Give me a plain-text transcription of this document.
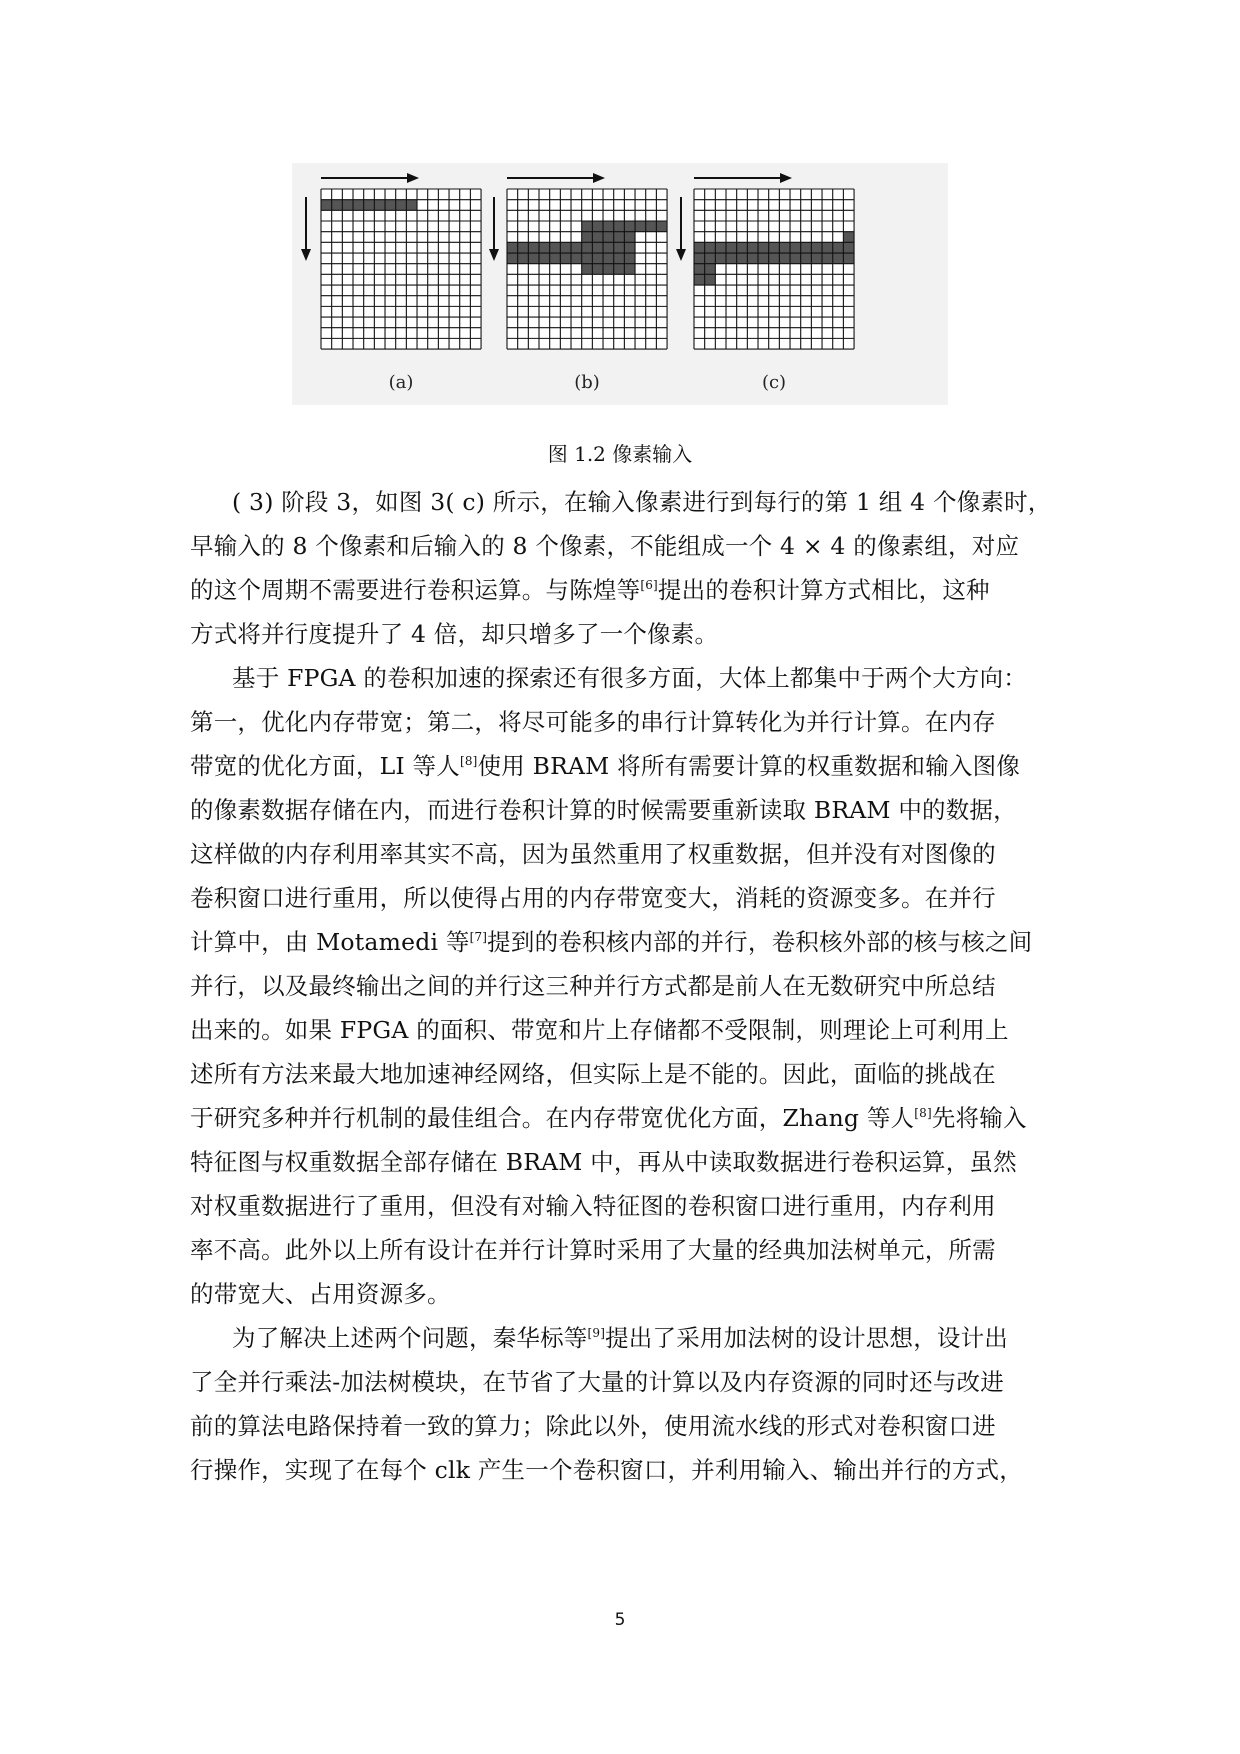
(a)	(b)	(c)
图 1.2 像素输入

( 3) 阶段 3，如图 3( c) 所示，在输入像素进行到每行的第 1 组 4 个像素时，
早输入的 8 个像素和后输入的 8 个像素，不能组成一个 4 × 4 的像素组，对应
的这个周期不需要进行卷积运算。与陈煌等[6]提出的卷积计算方式相比，这种
方式将并行度提升了 4 倍，却只增多了一个像素。

基于 FPGA 的卷积加速的探索还有很多方面，大体上都集中于两个大方向：
第一，优化内存带宽；第二，将尽可能多的串行计算转化为并行计算。在内存
带宽的优化方面，LI 等人[8]使用 BRAM 将所有需要计算的权重数据和输入图像
的像素数据存储在内，而进行卷积计算的时候需要重新读取 BRAM 中的数据，
这样做的内存利用率其实不高，因为虽然重用了权重数据，但并没有对图像的
卷积窗口进行重用，所以使得占用的内存带宽变大，消耗的资源变多。在并行
计算中，由 Motamedi 等[7]提到的卷积核内部的并行，卷积核外部的核与核之间
并行，以及最终输出之间的并行这三种并行方式都是前人在无数研究中所总结
出来的。如果 FPGA 的面积、带宽和片上存储都不受限制，则理论上可利用上
述所有方法来最大地加速神经网络，但实际上是不能的。因此，面临的挑战在
于研究多种并行机制的最佳组合。在内存带宽优化方面，Zhang 等人[8]先将输入
特征图与权重数据全部存储在 BRAM 中，再从中读取数据进行卷积运算，虽然
对权重数据进行了重用，但没有对输入特征图的卷积窗口进行重用，内存利用
率不高。此外以上所有设计在并行计算时采用了大量的经典加法树单元，所需
的带宽大、占用资源多。

为了解决上述两个问题，秦华标等[9]提出了采用加法树的设计思想，设计出
了全并行乘法-加法树模块，在节省了大量的计算以及内存资源的同时还与改进
前的算法电路保持着一致的算力；除此以外，使用流水线的形式对卷积窗口进
行操作，实现了在每个 clk 产生一个卷积窗口，并利用输入、输出并行的方式，

5
